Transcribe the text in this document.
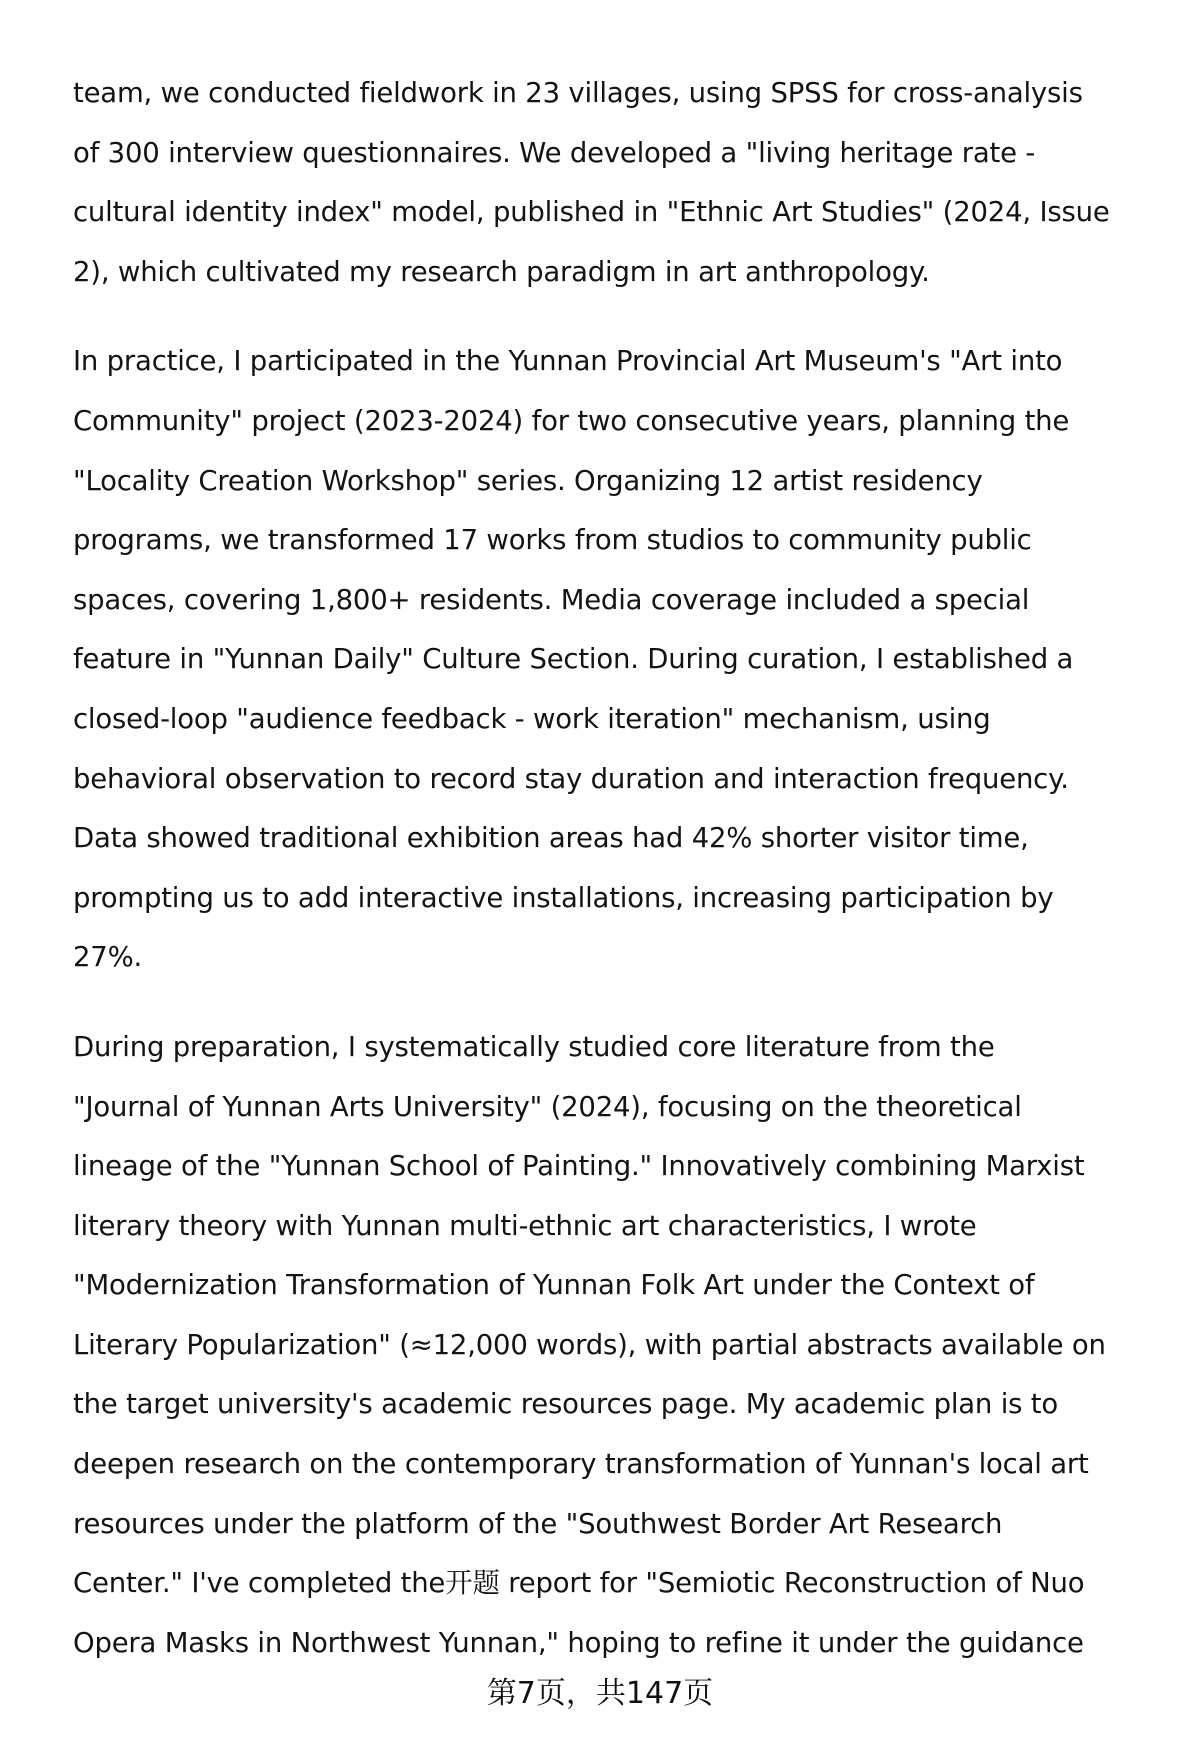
team, we conducted fieldwork in 23 villages, using SPSS for cross-analysis
of 300 interview questionnaires. We developed a "living heritage rate -
cultural identity index" model, published in "Ethnic Art Studies" (2024, Issue
2), which cultivated my research paradigm in art anthropology.
In practice, I participated in the Yunnan Provincial Art Museum's "Art into
Community" project (2023-2024) for two consecutive years, planning the
"Locality Creation Workshop" series. Organizing 12 artist residency
programs, we transformed 17 works from studios to community public
spaces, covering 1,800+ residents. Media coverage included a special
feature in "Yunnan Daily" Culture Section. During curation, I established a
closed-loop "audience feedback - work iteration" mechanism, using
behavioral observation to record stay duration and interaction frequency.
Data showed traditional exhibition areas had 42% shorter visitor time,
prompting us to add interactive installations, increasing participation by
27%.
During preparation, I systematically studied core literature from the
"Journal of Yunnan Arts University" (2024), focusing on the theoretical
lineage of the "Yunnan School of Painting." Innovatively combining Marxist
literary theory with Yunnan multi-ethnic art characteristics, I wrote
"Modernization Transformation of Yunnan Folk Art under the Context of
Literary Popularization" (≈12,000 words), with partial abstracts available on
the target university's academic resources page. My academic plan is to
deepen research on the contemporary transformation of Yunnan's local art
resources under the platform of the "Southwest Border Art Research
Center." I've completed the开题 report for "Semiotic Reconstruction of Nuo
Opera Masks in Northwest Yunnan," hoping to refine it under the guidance
第7页，共147页
